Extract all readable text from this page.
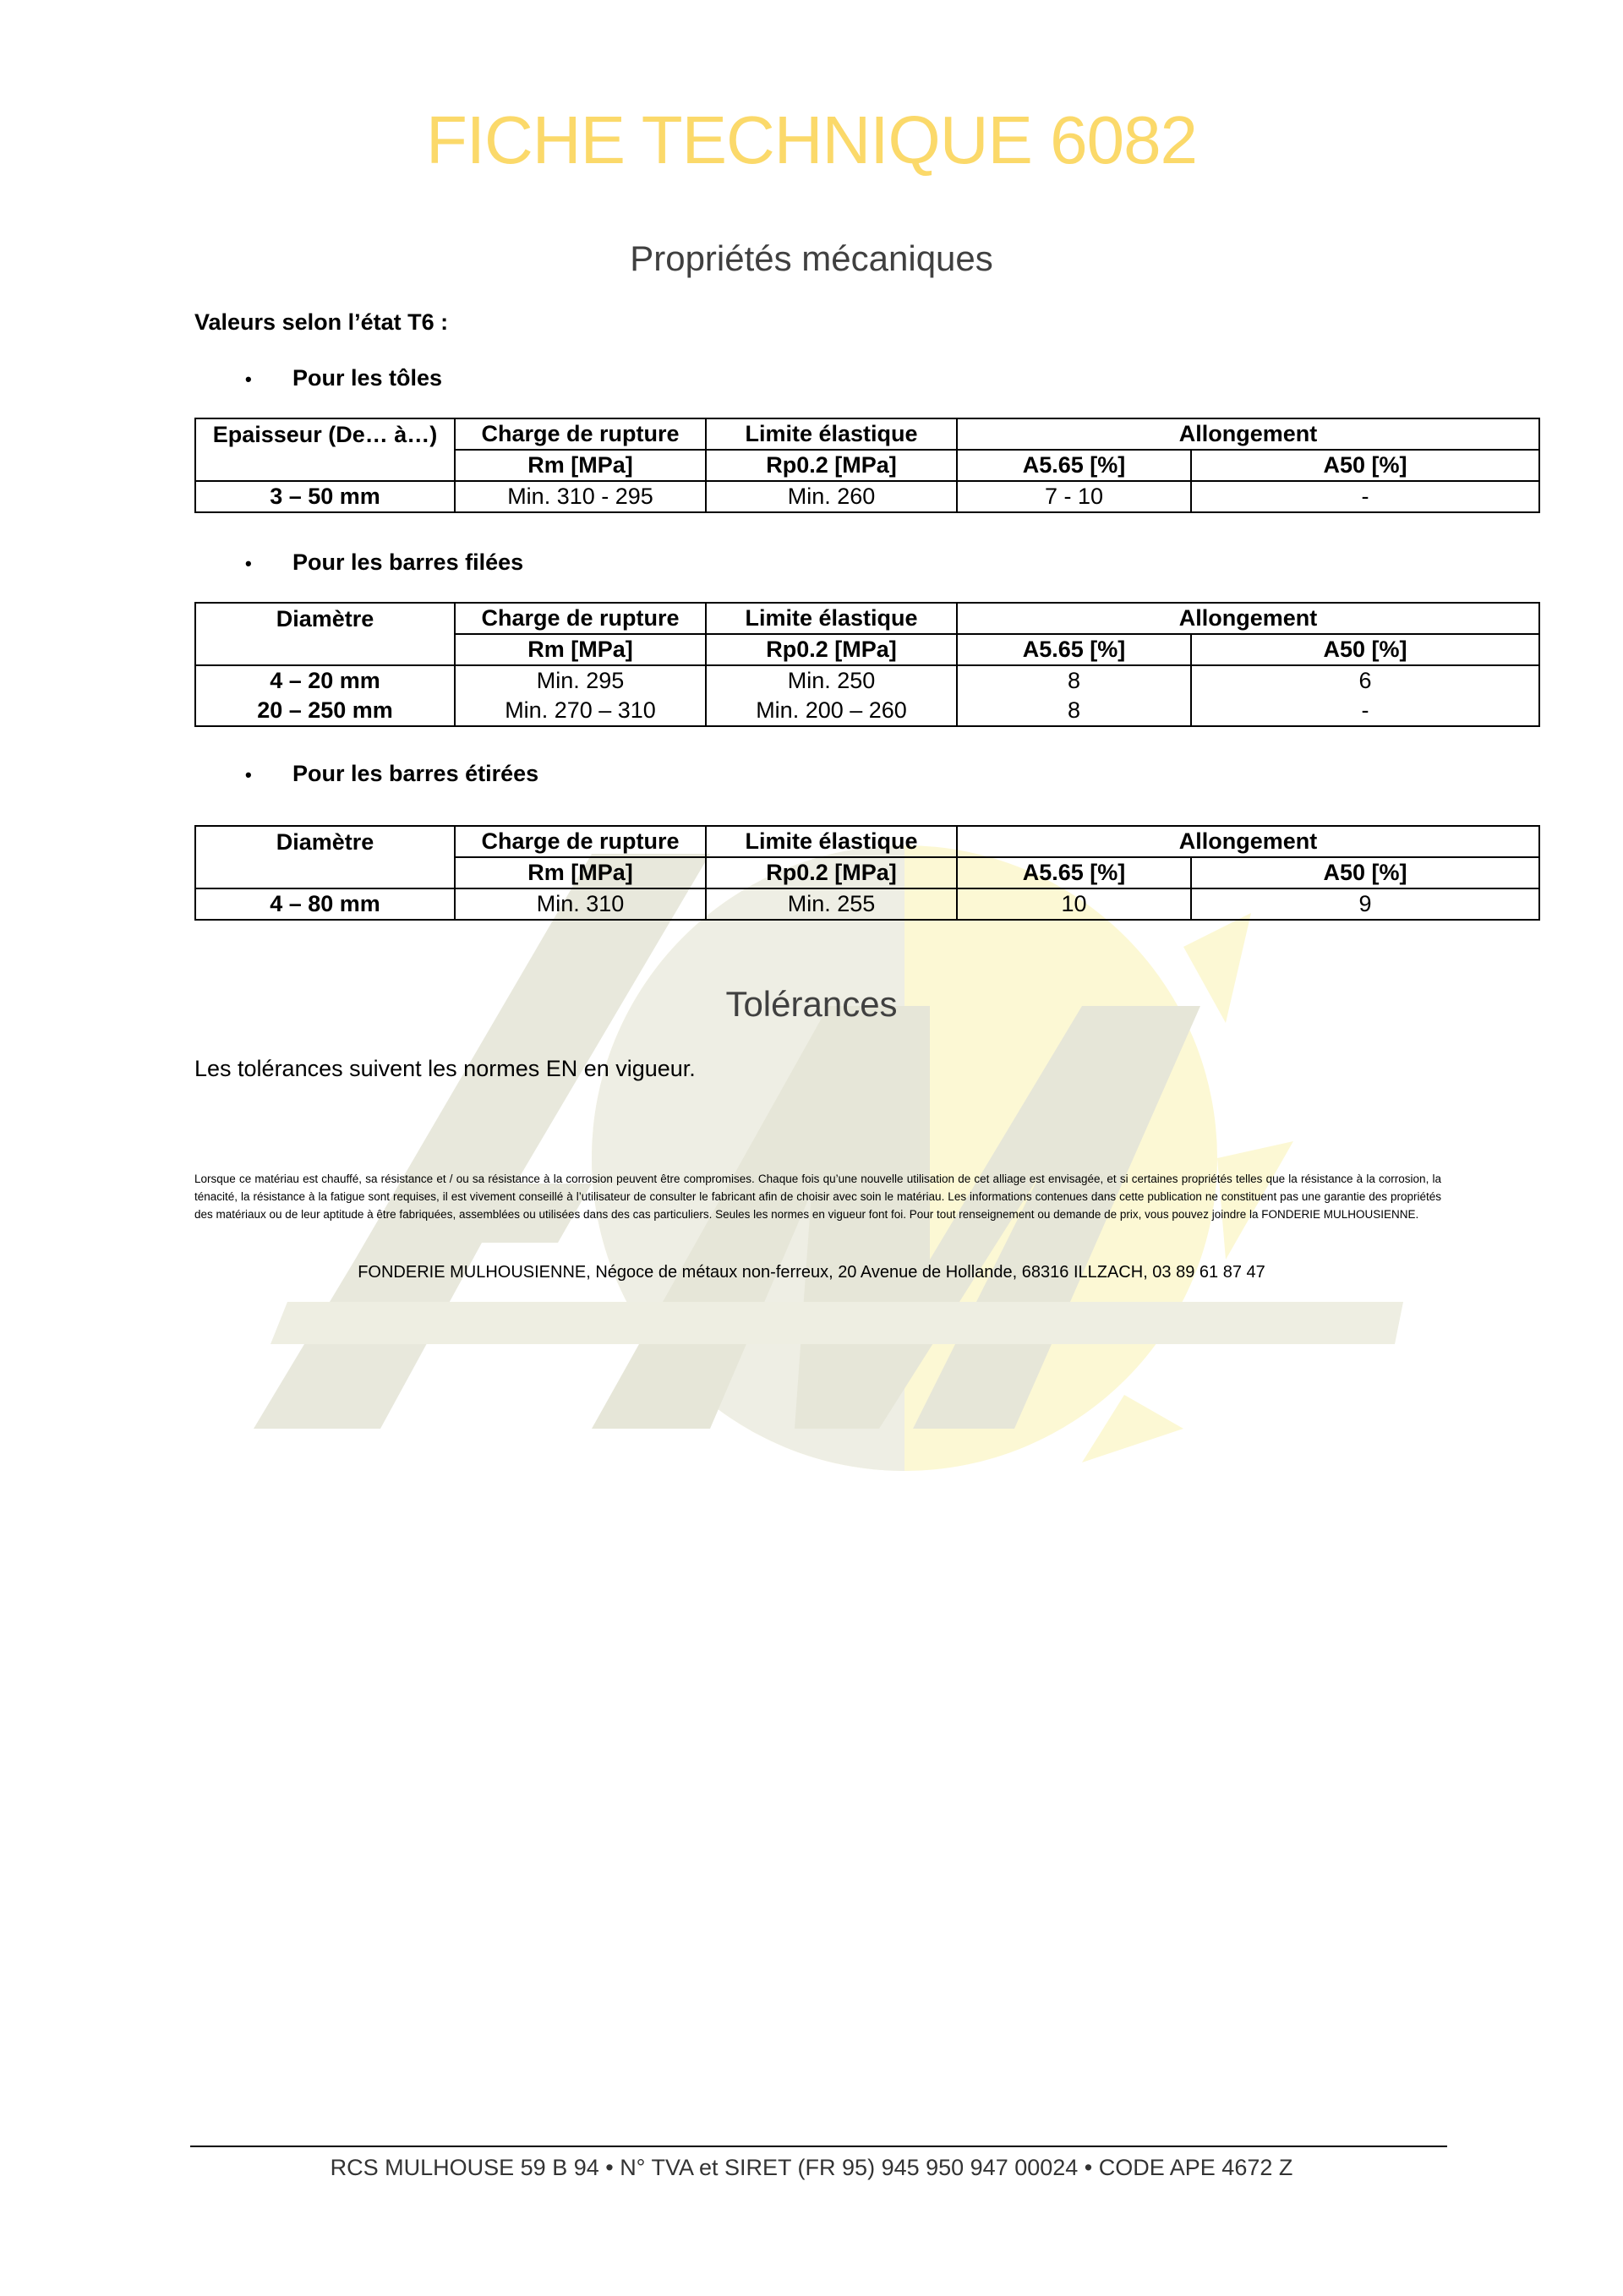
FICHE TECHNIQUE 6082
Propriétés mécaniques
Valeurs selon l’état T6 :
• Pour les tôles
Epaisseur (De… à…)	Charge de rupture	Limite élastique	Allongement	
	Rm [MPa]	Rp0.2 [MPa]	A5.65 [%]	A50 [%]
3 – 50 mm	Min. 310 - 295	Min. 260	7 - 10	-
• Pour les barres filées
Diamètre	Charge de rupture	Limite élastique	Allongement	
	Rm [MPa]	Rp0.2 [MPa]	A5.65 [%]	A50 [%]
4 – 20 mm	Min. 295	Min. 250	8	6
20 – 250 mm	Min. 270 – 310	Min. 200 – 260	8	-
• Pour les barres étirées
Diamètre	Charge de rupture	Limite élastique	Allongement	
	Rm [MPa]	Rp0.2 [MPa]	A5.65 [%]	A50 [%]
4 – 80 mm	Min. 310	Min. 255	10	9
Tolérances
Les tolérances suivent les normes EN en vigueur.
Lorsque ce matériau est chauffé, sa résistance et / ou sa résistance à la corrosion peuvent être compromises. Chaque fois qu’une nouvelle utilisation de cet alliage est envisagée, et si certaines propriétés telles que la résistance à la corrosion, la ténacité, la résistance à la fatigue sont requises, il est vivement conseillé à l’utilisateur de consulter le fabricant afin de choisir avec soin le matériau. Les informations contenues dans cette publication ne constituent pas une garantie des propriétés des matériaux ou de leur aptitude à être fabriquées, assemblées ou utilisées dans des cas particuliers. Seules les normes en vigueur font foi. Pour tout renseignement ou demande de prix, vous pouvez joindre la FONDERIE MULHOUSIENNE.
FONDERIE MULHOUSIENNE, Négoce de métaux non-ferreux, 20 Avenue de Hollande, 68316 ILLZACH, 03 89 61 87 47
RCS MULHOUSE 59 B 94 • N° TVA et SIRET (FR 95) 945 950 947 00024 • CODE APE 4672 Z
